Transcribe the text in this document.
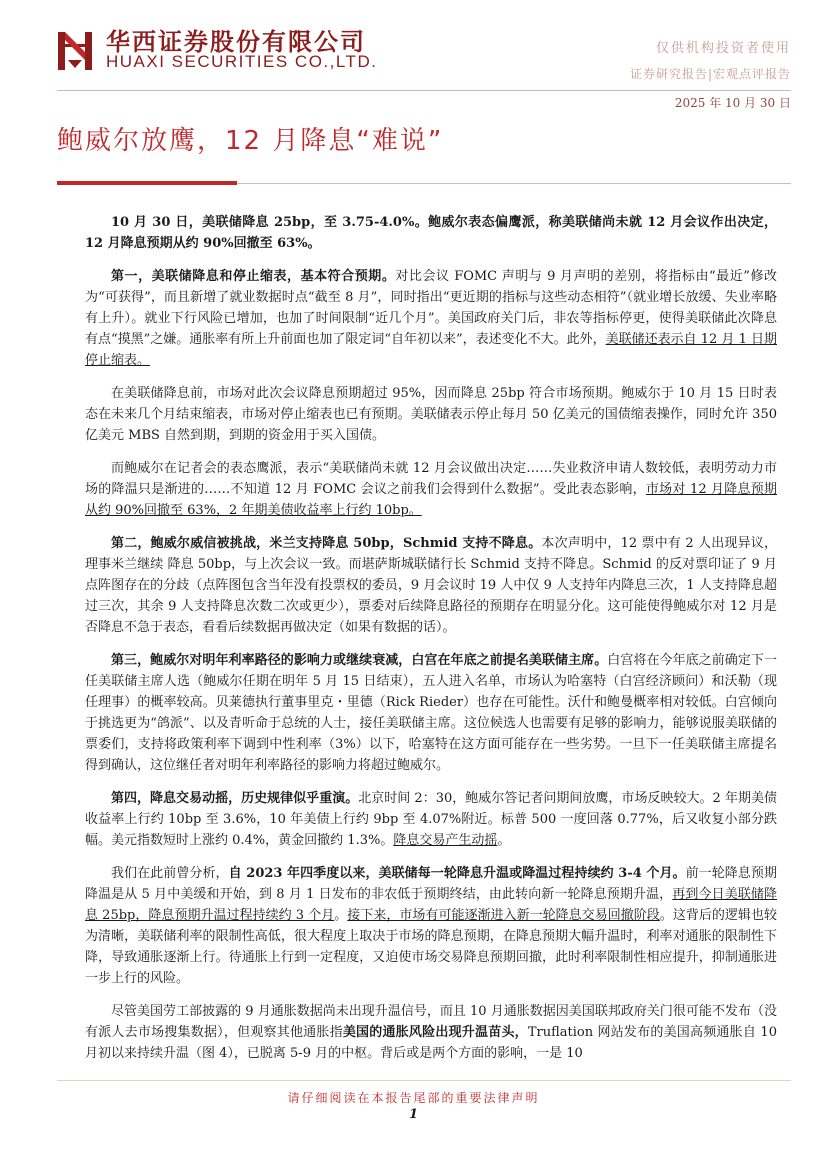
华西证券股份有限公司
HUAXI SECURITIES CO.,LTD.
仅供机构投资者使用
证券研究报告|宏观点评报告
2025 年 10 月 30 日
鲍威尔放鹰，12 月降息“难说”

10 月 30 日，美联储降息 25bp，至 3.75-4.0%。鲍威尔表态偏鹰派，称美联储尚未就 12 月会议作出决定，12 月降息预期从约 90%回撤至 63%。

第一，美联储降息和停止缩表，基本符合预期。对比会议 FOMC 声明与 9 月声明的差别，将指标由“最近”修改为“可获得”，而且新增了就业数据时点“截至 8 月”，同时指出“更近期的指标与这些动态相符”（就业增长放缓、失业率略有上升）。就业下行风险已增加，也加了时间限制“近几个月”。美国政府关门后，非农等指标停更，使得美联储此次降息有点“摸黑”之嫌。通胀率有所上升前面也加了限定词“自年初以来”，表述变化不大。此外，美联储还表示自 12 月 1 日期停止缩表。

在美联储降息前，市场对此次会议降息预期超过 95%，因而降息 25bp 符合市场预期。鲍威尔于 10 月 15 日时表态在未来几个月结束缩表，市场对停止缩表也已有预期。美联储表示停止每月 50 亿美元的国债缩表操作，同时允许 350 亿美元 MBS 自然到期，到期的资金用于买入国债。

而鲍威尔在记者会的表态鹰派，表示“美联储尚未就 12 月会议做出决定……失业救济申请人数较低，表明劳动力市场的降温只是渐进的……不知道 12 月 FOMC 会议之前我们会得到什么数据”。受此表态影响，市场对 12 月降息预期从约 90%回撤至 63%，2 年期美债收益率上行约 10bp。

第二，鲍威尔威信被挑战，米兰支持降息 50bp，Schmid 支持不降息。本次声明中，12 票中有 2 人出现异议，理事米兰继续 降息 50bp，与上次会议一致。而堪萨斯城联储行长 Schmid 支持不降息。Schmid 的反对票印证了 9 月点阵图存在的分歧（点阵图包含当年没有投票权的委员，9 月会议时 19 人中仅 9 人支持年内降息三次，1 人支持降息超过三次，其余 9 人支持降息次数二次或更少），票委对后续降息路径的预期存在明显分化。这可能使得鲍威尔对 12 月是否降息不急于表态，看看后续数据再做决定（如果有数据的话）。

第三，鲍威尔对明年利率路径的影响力或继续衰减，白宫在年底之前提名美联储主席。白宫将在今年底之前确定下一任美联储主席人选（鲍威尔任期在明年 5 月 15 日结束），五人进入名单，市场认为哈塞特（白宫经济顾问）和沃勒（现任理事）的概率较高。贝莱德执行董事里克・里德（Rick Rieder）也存在可能性。沃什和鲍曼概率相对较低。白宫倾向于挑选更为“鸽派”、以及青听命于总统的人士，接任美联储主席。这位候选人也需要有足够的影响力，能够说服美联储的票委们，支持将政策利率下调到中性利率（3%）以下，哈塞特在这方面可能存在一些劣势。一旦下一任美联储主席提名得到确认，这位继任者对明年利率路径的影响力将超过鲍威尔。

第四，降息交易动摇，历史规律似乎重演。北京时间 2：30，鲍威尔答记者问期间放鹰，市场反映较大。2 年期美债收益率上行约 10bp 至 3.6%，10 年美债上行约 9bp 至 4.07%附近。标普 500 一度回落 0.77%，后又收复小部分跌幅。美元指数短时上涨约 0.4%，黄金回撤约 1.3%。降息交易产生动摇。

我们在此前曾分析，自 2023 年四季度以来，美联储每一轮降息升温或降温过程持续约 3-4 个月。前一轮降息预期降温是从 5 月中美缓和开始，到 8 月 1 日发布的非农低于预期终结，由此转向新一轮降息预期升温，再到今日美联储降息 25bp，降息预期升温过程持续约 3 个月。接下来，市场有可能逐渐进入新一轮降息交易回撤阶段。这背后的逻辑也较为清晰，美联储利率的限制性高低，很大程度上取决于市场的降息预期，在降息预期大幅升温时，利率对通胀的限制性下降，导致通胀逐渐上行。待通胀上行到一定程度，又迫使市场交易降息预期回撤，此时利率限制性相应提升，抑制通胀进一步上行的风险。

尽管美国劳工部披露的 9 月通胀数据尚未出现升温信号，而且 10 月通胀数据因美国联邦政府关门很可能不发布（没有派人去市场搜集数据），但观察其他通胀指美国的通胀风险出现升温苗头，Truflation 网站发布的美国高频通胀自 10 月初以来持续升温（图 4），已脱离 5-9 月的中枢。背后或是两个方面的影响，一是 10

请仔细阅读在本报告尾部的重要法律声明
1
